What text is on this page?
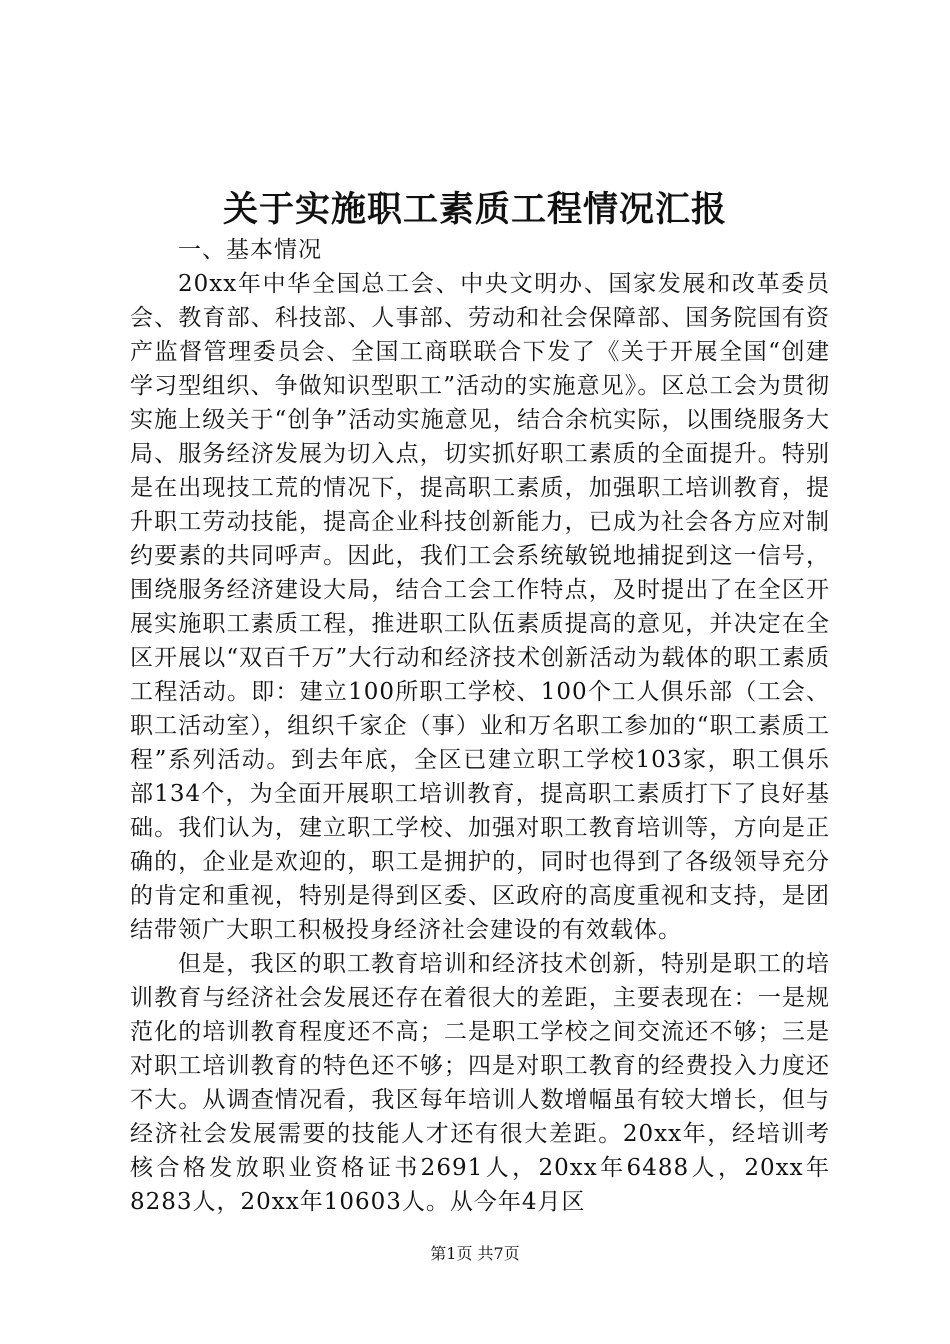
关于实施职工素质工程情况汇报

一、基本情况

20xx年中华全国总工会、中央文明办、国家发展和改革委员会、教育部、科技部、人事部、劳动和社会保障部、国务院国有资产监督管理委员会、全国工商联联合下发了《关于开展全国“创建学习型组织、争做知识型职工”活动的实施意见》。区总工会为贯彻实施上级关于“创争”活动实施意见，结合余杭实际，以围绕服务大局、服务经济发展为切入点，切实抓好职工素质的全面提升。特别是在出现技工荒的情况下，提高职工素质，加强职工培训教育，提升职工劳动技能，提高企业科技创新能力，已成为社会各方应对制约要素的共同呼声。因此，我们工会系统敏锐地捕捉到这一信号，围绕服务经济建设大局，结合工会工作特点，及时提出了在全区开展实施职工素质工程，推进职工队伍素质提高的意见，并决定在全区开展以“双百千万”大行动和经济技术创新活动为载体的职工素质工程活动。即：建立100所职工学校、100个工人俱乐部（工会、职工活动室），组织千家企（事）业和万名职工参加的“职工素质工程”系列活动。到去年底，全区已建立职工学校103家，职工俱乐部134个，为全面开展职工培训教育，提高职工素质打下了良好基础。我们认为，建立职工学校、加强对职工教育培训等，方向是正确的，企业是欢迎的，职工是拥护的，同时也得到了各级领导充分的肯定和重视，特别是得到区委、区政府的高度重视和支持，是团结带领广大职工积极投身经济社会建设的有效载体。

但是，我区的职工教育培训和经济技术创新，特别是职工的培训教育与经济社会发展还存在着很大的差距，主要表现在：一是规范化的培训教育程度还不高；二是职工学校之间交流还不够；三是对职工培训教育的特色还不够；四是对职工教育的经费投入力度还不大。从调查情况看，我区每年培训人数增幅虽有较大增长，但与经济社会发展需要的技能人才还有很大差距。20xx年，经培训考核合格发放职业资格证书2691人，20xx年6488人，20xx年8283人，20xx年10603人。从今年4月区

第1页 共7页
